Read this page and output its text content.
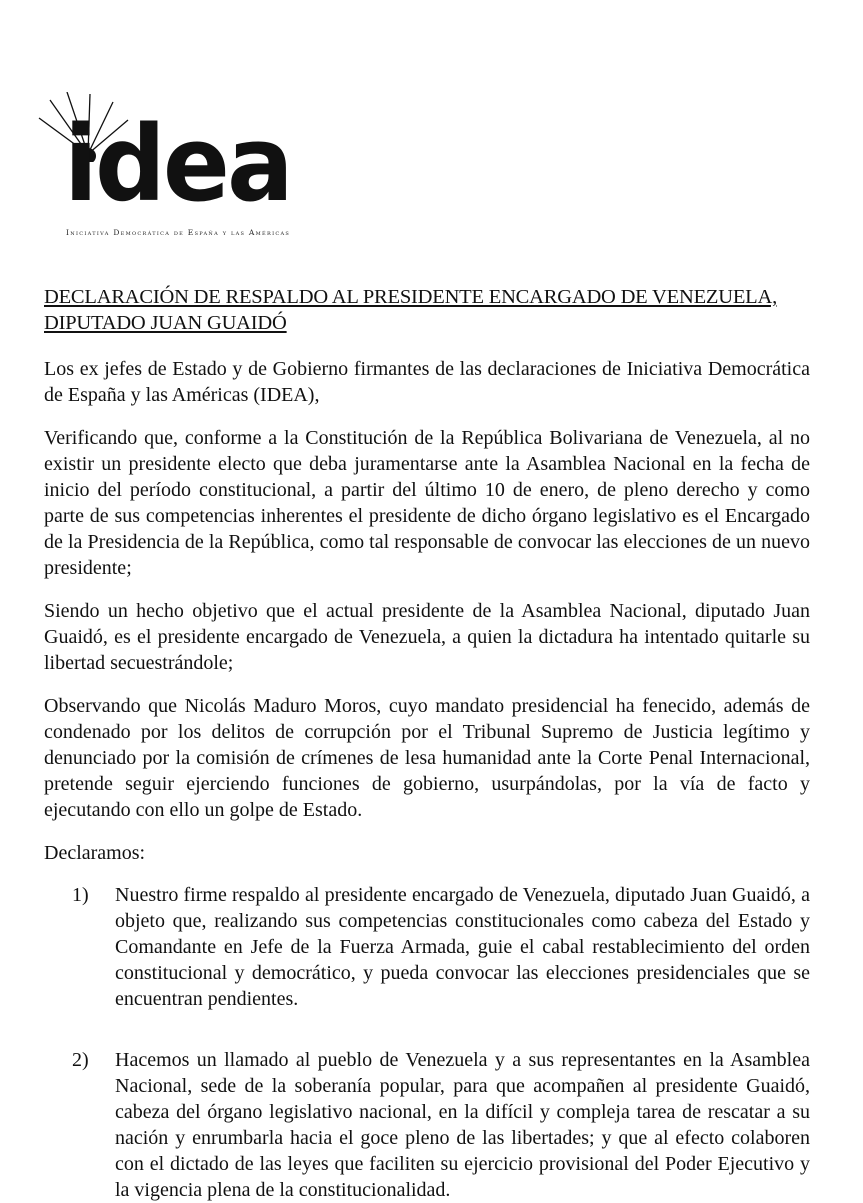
idea
Iniciativa Democrática de España y las Américas
DECLARACIÓN DE RESPALDO AL PRESIDENTE ENCARGADO DE VENEZUELA, DIPUTADO JUAN GUAIDÓ

Los ex jefes de Estado y de Gobierno firmantes de las declaraciones de Iniciativa Democrática de España y las Américas (IDEA),

Verificando que, conforme a la Constitución de la República Bolivariana de Venezuela, al no existir un presidente electo que deba juramentarse ante la Asamblea Nacional en la fecha de inicio del período constitucional, a partir del último 10 de enero, de pleno derecho y como parte de sus competencias inherentes el presidente de dicho órgano legislativo es el Encargado de la Presidencia de la República, como tal responsable de convocar las elecciones de un nuevo presidente;

Siendo un hecho objetivo que el actual presidente de la Asamblea Nacional, diputado Juan Guaidó, es el presidente encargado de Venezuela, a quien la dictadura ha intentado quitarle su libertad secuestrándole;

Observando que Nicolás Maduro Moros, cuyo mandato presidencial ha fenecido, además de condenado por los delitos de corrupción por el Tribunal Supremo de Justicia legítimo y denunciado por la comisión de crímenes de lesa humanidad ante la Corte Penal Internacional, pretende seguir ejerciendo funciones de gobierno, usurpándolas, por la vía de facto y ejecutando con ello un golpe de Estado.

Declaramos:
1) Nuestro firme respaldo al presidente encargado de Venezuela, diputado Juan Guaidó, a objeto que, realizando sus competencias constitucionales como cabeza del Estado y Comandante en Jefe de la Fuerza Armada, guie el cabal restablecimiento del orden constitucional y democrático, y pueda convocar las elecciones presidenciales que se encuentran pendientes.
2) Hacemos un llamado al pueblo de Venezuela y a sus representantes en la Asamblea Nacional, sede de la soberanía popular, para que acompañen al presidente Guaidó, cabeza del órgano legislativo nacional, en la difícil y compleja tarea de rescatar a su nación y enrumbarla hacia el goce pleno de las libertades; y que al efecto colaboren con el dictado de las leyes que faciliten su ejercicio provisional del Poder Ejecutivo y la vigencia plena de la constitucionalidad.
